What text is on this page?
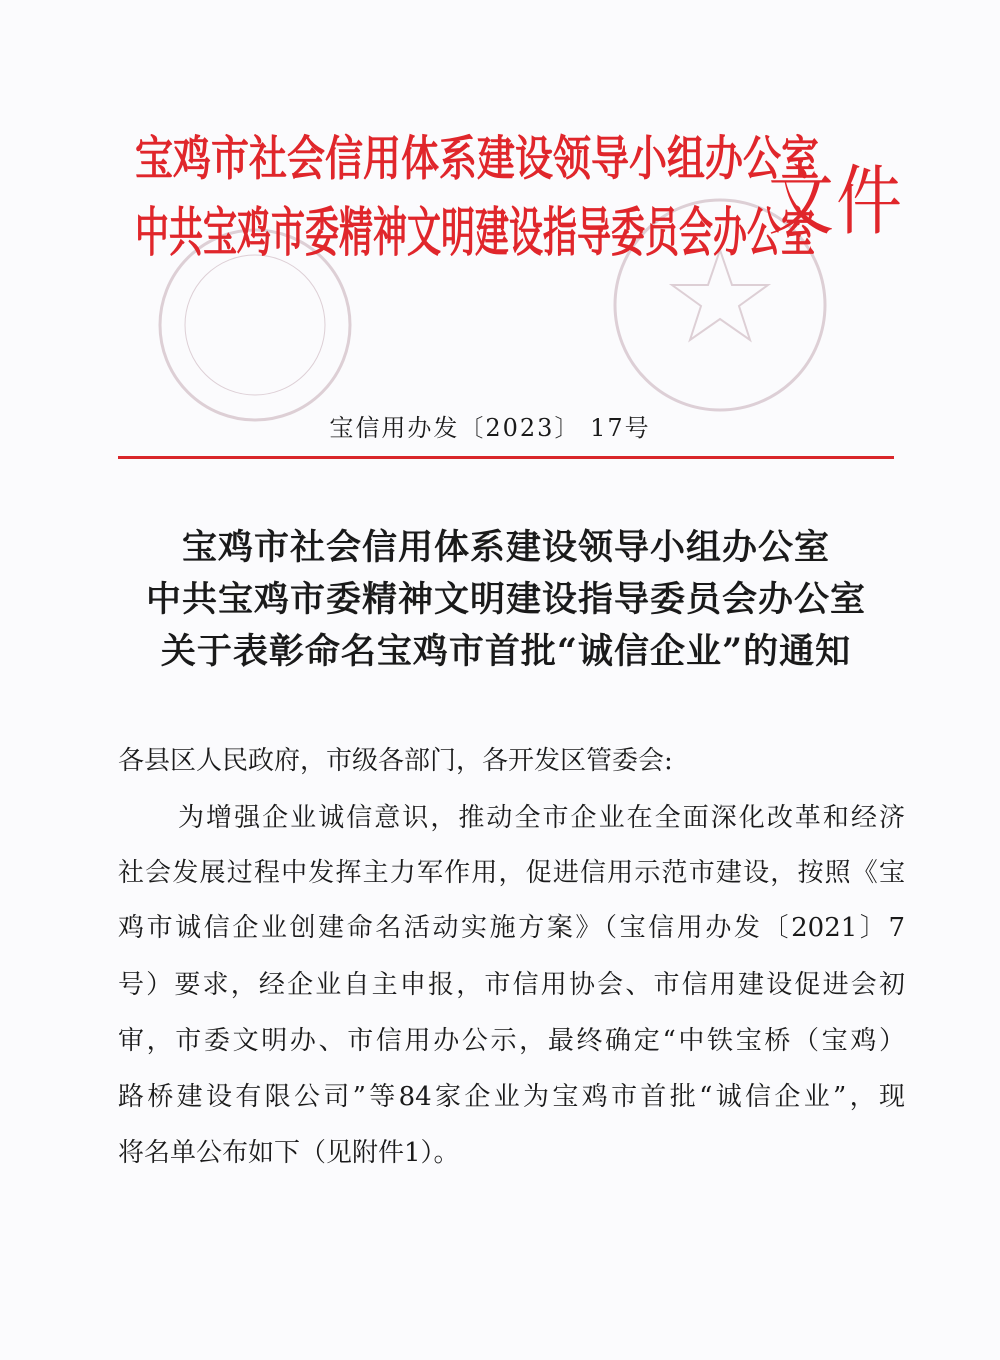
宝鸡市社会信用体系建设领导小组办公室
中共宝鸡市委精神文明建设指导委员会办公室
文件
宝信用办发〔2023〕 17号
宝鸡市社会信用体系建设领导小组办公室
中共宝鸡市委精神文明建设指导委员会办公室
关于表彰命名宝鸡市首批“诚信企业”的通知
各县区人民政府，市级各部门，各开发区管委会:
为增强企业诚信意识，推动全市企业在全面深化改革和经济
社会发展过程中发挥主力军作用，促进信用示范市建设，按照《宝
鸡市诚信企业创建命名活动实施方案》（宝信用办发〔2021〕7
号）要求，经企业自主申报，市信用协会、市信用建设促进会初
审，市委文明办、市信用办公示，最终确定“中铁宝桥（宝鸡）
路桥建设有限公司”等84家企业为宝鸡市首批“诚信企业”，现
将名单公布如下（见附件1）。
